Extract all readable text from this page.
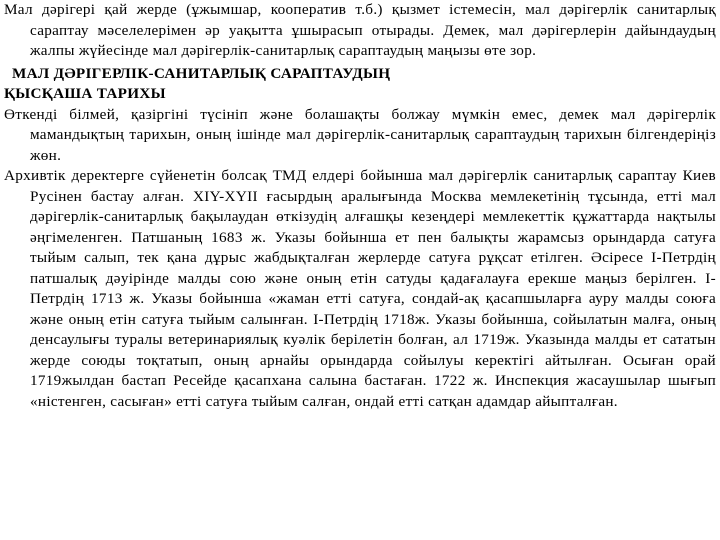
Мал дәрігері қай жерде (ұжымшар, кооператив т.б.) қызмет істемесін, мал дәрігерлік санитарлық сараптау мәселелерімен әр уақытта ұшырасып отырады. Демек, мал дәрігерлерін дайындаудың жалпы жүйесінде мал дәрігерлік-санитарлық сараптаудың маңызы өте зор.

МАЛ ДӘРІГЕРЛІК-САНИТАРЛЫҚ САРАПТАУДЫҢ
ҚЫСҚАША ТАРИХЫ

Өткенді білмей, қазіргіні түсініп және болашақты болжау мүмкін емес, демек мал дәрігерлік мамандықтың тарихын, оның ішінде мал дәрігерлік-санитарлық сараптаудың тарихын білгендеріңіз жөн.

Архивтік деректерге сүйенетін болсақ ТМД елдері бойынша мал дәрігерлік санитарлық сараптау Киев Русінен бастау алған. XIY-XYII ғасырдың аралығында Москва мемлекетінің тұсында, етті мал дәрігерлік-санитарлық бақылаудан өткізудің алғашқы кезеңдері мемлекеттік құжаттарда нақтылы әңгімеленген. Патшаның 1683 ж. Указы бойынша ет пен балықты жарамсыз орындарда сатуға тыйым салып, тек қана дұрыс жабдықталған жерлерде сатуға рұқсат етілген. Әсіресе І-Петрдің патшалық дәуірінде малды сою және оның етін сатуды қадағалауға ерекше маңыз берілген. І-Петрдің 1713 ж. Указы бойынша «жаман етті сатуға, сондай-ақ қасапшыларға ауру малды союға және оның етін сатуға тыйым салынған. І-Петрдің 1718ж. Указы бойынша, сойылатын малға, оның денсаулығы туралы ветеринариялық куәлік берілетін болған, ал 1719ж. Указында малды ет сататын жерде союды тоқтатып, оның арнайы орындарда сойылуы керектігі айтылған. Осыған орай 1719жылдан бастап Ресейде қасапхана салына бастаған. 1722 ж. Инспекция жасаушылар шығып «ністенген, сасыған» етті сатуға тыйым салған, ондай етті сатқан адамдар айыпталған.
